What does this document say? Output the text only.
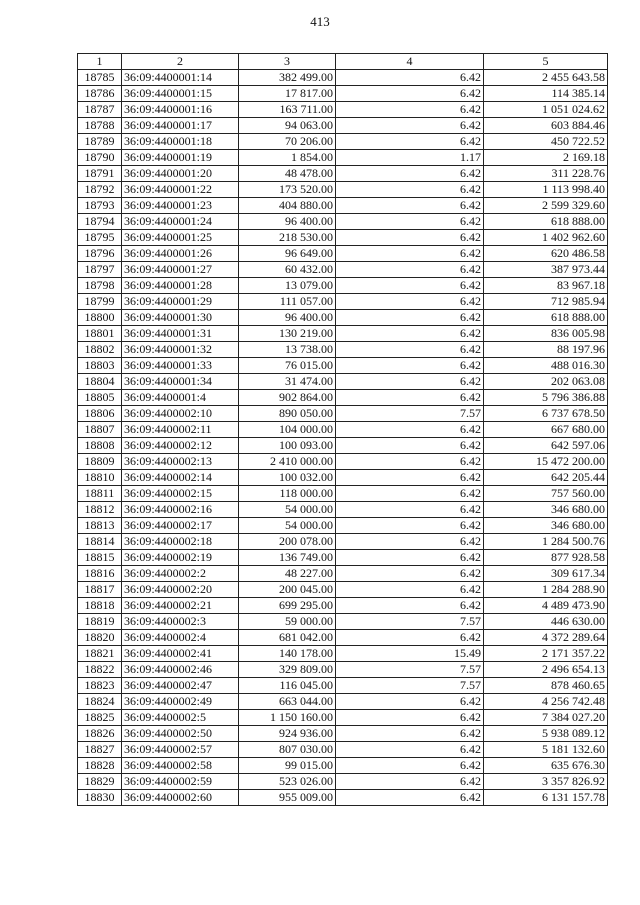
413
1	2	3	4	5
18785	36:09:4400001:14	382 499.00	6.42	2 455 643.58
18786	36:09:4400001:15	17 817.00	6.42	114 385.14
18787	36:09:4400001:16	163 711.00	6.42	1 051 024.62
18788	36:09:4400001:17	94 063.00	6.42	603 884.46
18789	36:09:4400001:18	70 206.00	6.42	450 722.52
18790	36:09:4400001:19	1 854.00	1.17	2 169.18
18791	36:09:4400001:20	48 478.00	6.42	311 228.76
18792	36:09:4400001:22	173 520.00	6.42	1 113 998.40
18793	36:09:4400001:23	404 880.00	6.42	2 599 329.60
18794	36:09:4400001:24	96 400.00	6.42	618 888.00
18795	36:09:4400001:25	218 530.00	6.42	1 402 962.60
18796	36:09:4400001:26	96 649.00	6.42	620 486.58
18797	36:09:4400001:27	60 432.00	6.42	387 973.44
18798	36:09:4400001:28	13 079.00	6.42	83 967.18
18799	36:09:4400001:29	111 057.00	6.42	712 985.94
18800	36:09:4400001:30	96 400.00	6.42	618 888.00
18801	36:09:4400001:31	130 219.00	6.42	836 005.98
18802	36:09:4400001:32	13 738.00	6.42	88 197.96
18803	36:09:4400001:33	76 015.00	6.42	488 016.30
18804	36:09:4400001:34	31 474.00	6.42	202 063.08
18805	36:09:4400001:4	902 864.00	6.42	5 796 386.88
18806	36:09:4400002:10	890 050.00	7.57	6 737 678.50
18807	36:09:4400002:11	104 000.00	6.42	667 680.00
18808	36:09:4400002:12	100 093.00	6.42	642 597.06
18809	36:09:4400002:13	2 410 000.00	6.42	15 472 200.00
18810	36:09:4400002:14	100 032.00	6.42	642 205.44
18811	36:09:4400002:15	118 000.00	6.42	757 560.00
18812	36:09:4400002:16	54 000.00	6.42	346 680.00
18813	36:09:4400002:17	54 000.00	6.42	346 680.00
18814	36:09:4400002:18	200 078.00	6.42	1 284 500.76
18815	36:09:4400002:19	136 749.00	6.42	877 928.58
18816	36:09:4400002:2	48 227.00	6.42	309 617.34
18817	36:09:4400002:20	200 045.00	6.42	1 284 288.90
18818	36:09:4400002:21	699 295.00	6.42	4 489 473.90
18819	36:09:4400002:3	59 000.00	7.57	446 630.00
18820	36:09:4400002:4	681 042.00	6.42	4 372 289.64
18821	36:09:4400002:41	140 178.00	15.49	2 171 357.22
18822	36:09:4400002:46	329 809.00	7.57	2 496 654.13
18823	36:09:4400002:47	116 045.00	7.57	878 460.65
18824	36:09:4400002:49	663 044.00	6.42	4 256 742.48
18825	36:09:4400002:5	1 150 160.00	6.42	7 384 027.20
18826	36:09:4400002:50	924 936.00	6.42	5 938 089.12
18827	36:09:4400002:57	807 030.00	6.42	5 181 132.60
18828	36:09:4400002:58	99 015.00	6.42	635 676.30
18829	36:09:4400002:59	523 026.00	6.42	3 357 826.92
18830	36:09:4400002:60	955 009.00	6.42	6 131 157.78
